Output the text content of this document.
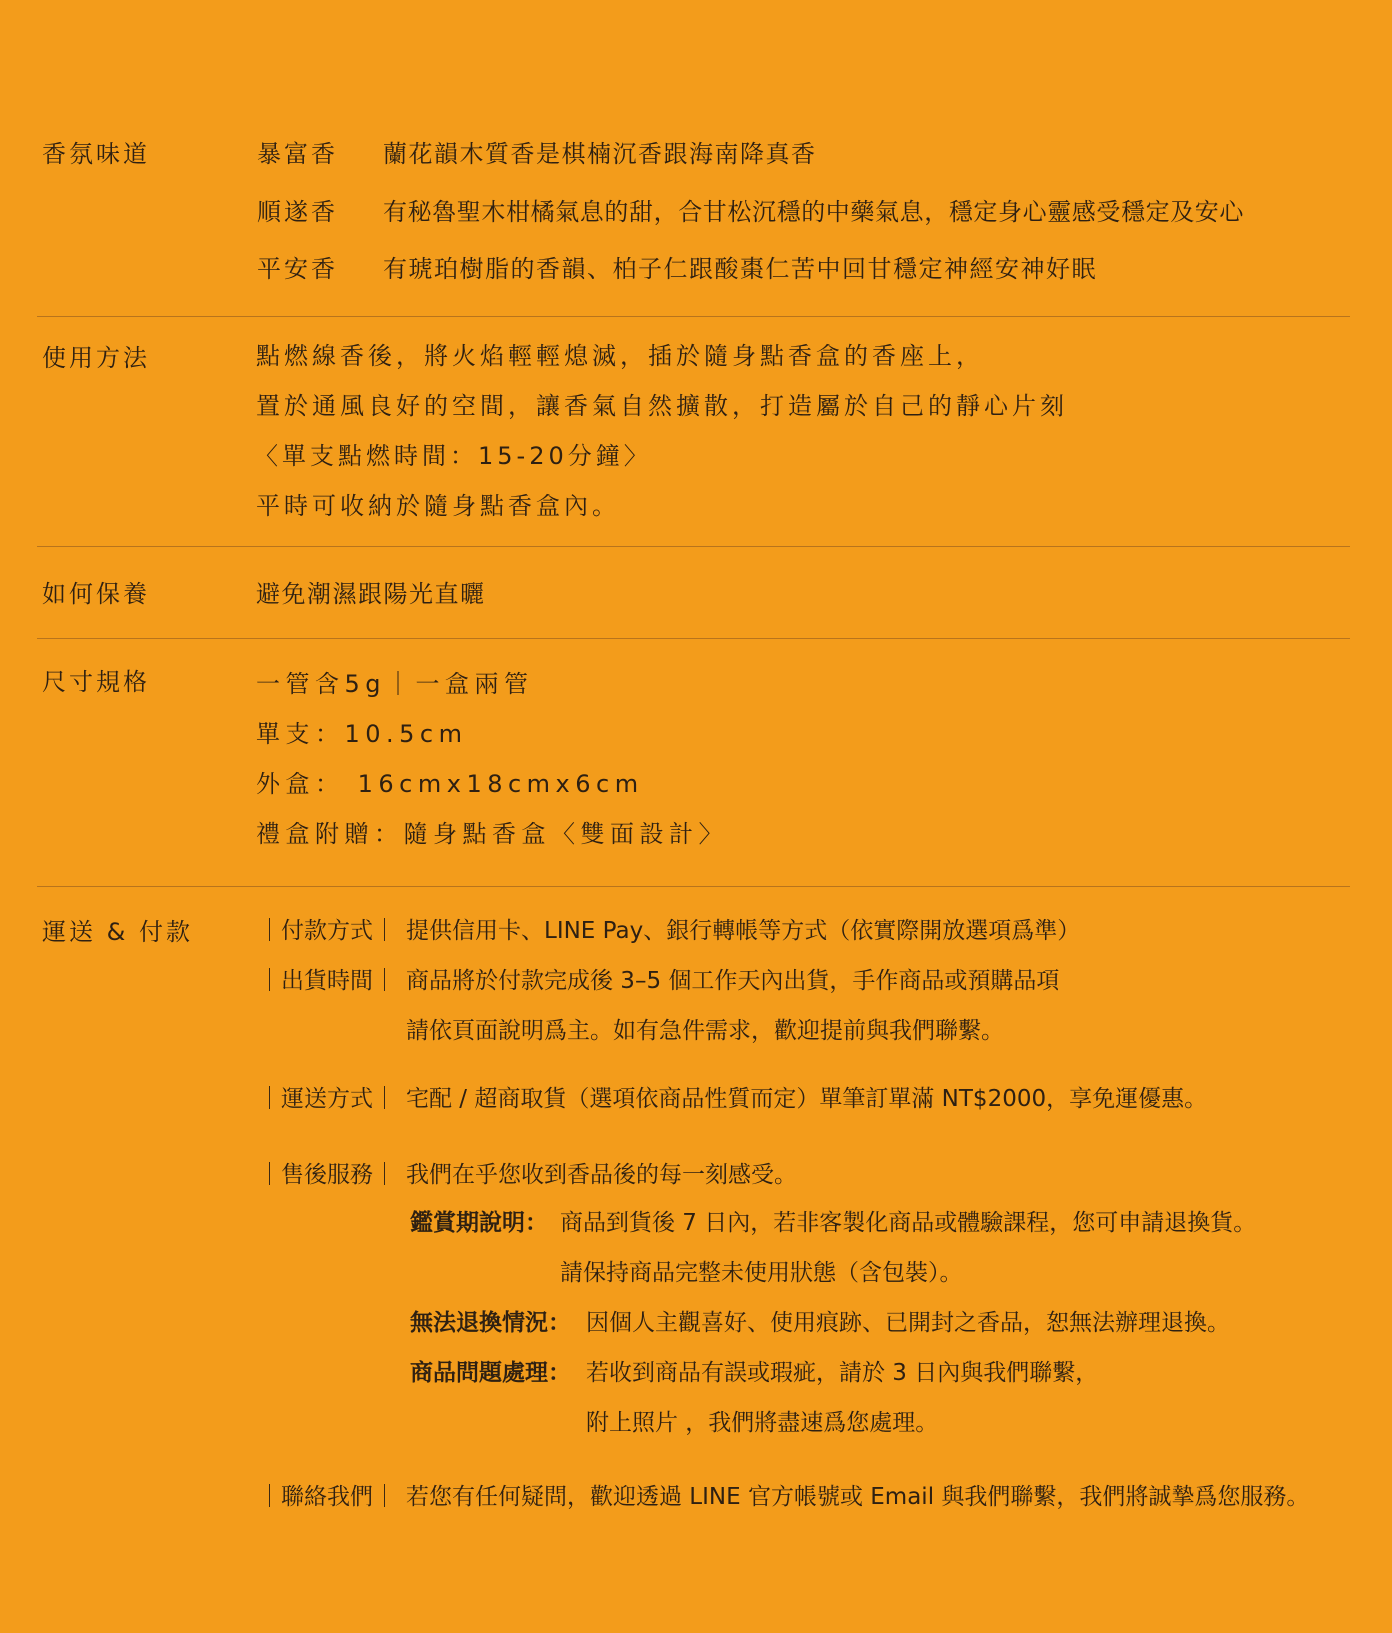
香氛味道	暴富香 蘭花韻木質香是棋楠沉香跟海南降真香
順遂香 有秘魯聖木柑橘氣息的甜，合甘松沉穩的中藥氣息，穩定身心靈感受穩定及安心
平安香 有琥珀樹脂的香韻、柏子仁跟酸棗仁苦中回甘穩定神經安神好眠
使用方法	點燃線香後，將火焰輕輕熄滅，插於隨身點香盒的香座上，
置於通風良好的空間，讓香氣自然擴散，打造屬於自己的靜心片刻
〈單支點燃時間：15-20分鐘〉
平時可收納於隨身點香盒內。
如何保養	避免潮濕跟陽光直曬
尺寸規格	一管含5g｜一盒兩管
單支：10.5cm
外盒： 16cmx18cmx6cm
禮盒附贈：隨身點香盒〈雙面設計〉
運送 & 付款	｜付款方式｜ 提供信用卡、LINE Pay、銀行轉帳等方式（依實際開放選項爲準）
｜出貨時間｜ 商品將於付款完成後 3–5 個工作天內出貨，手作商品或預購品項
請依頁面說明爲主。如有急件需求，歡迎提前與我們聯繫。
｜運送方式｜ 宅配 / 超商取貨（選項依商品性質而定）單筆訂單滿 NT$2000，享免運優惠。
｜售後服務｜ 我們在乎您收到香品後的每一刻感受。
鑑賞期說明： 商品到貨後 7 日內，若非客製化商品或體驗課程，您可申請退換貨。
請保持商品完整未使用狀態（含包裝）。
無法退換情況： 因個人主觀喜好、使用痕跡、已開封之香品，恕無法辦理退換。
商品問題處理： 若收到商品有誤或瑕疵，請於 3 日內與我們聯繫，
附上照片 ，我們將盡速爲您處理。
｜聯絡我們｜ 若您有任何疑問，歡迎透過 LINE 官方帳號或 Email 與我們聯繫，我們將誠摯爲您服務。
